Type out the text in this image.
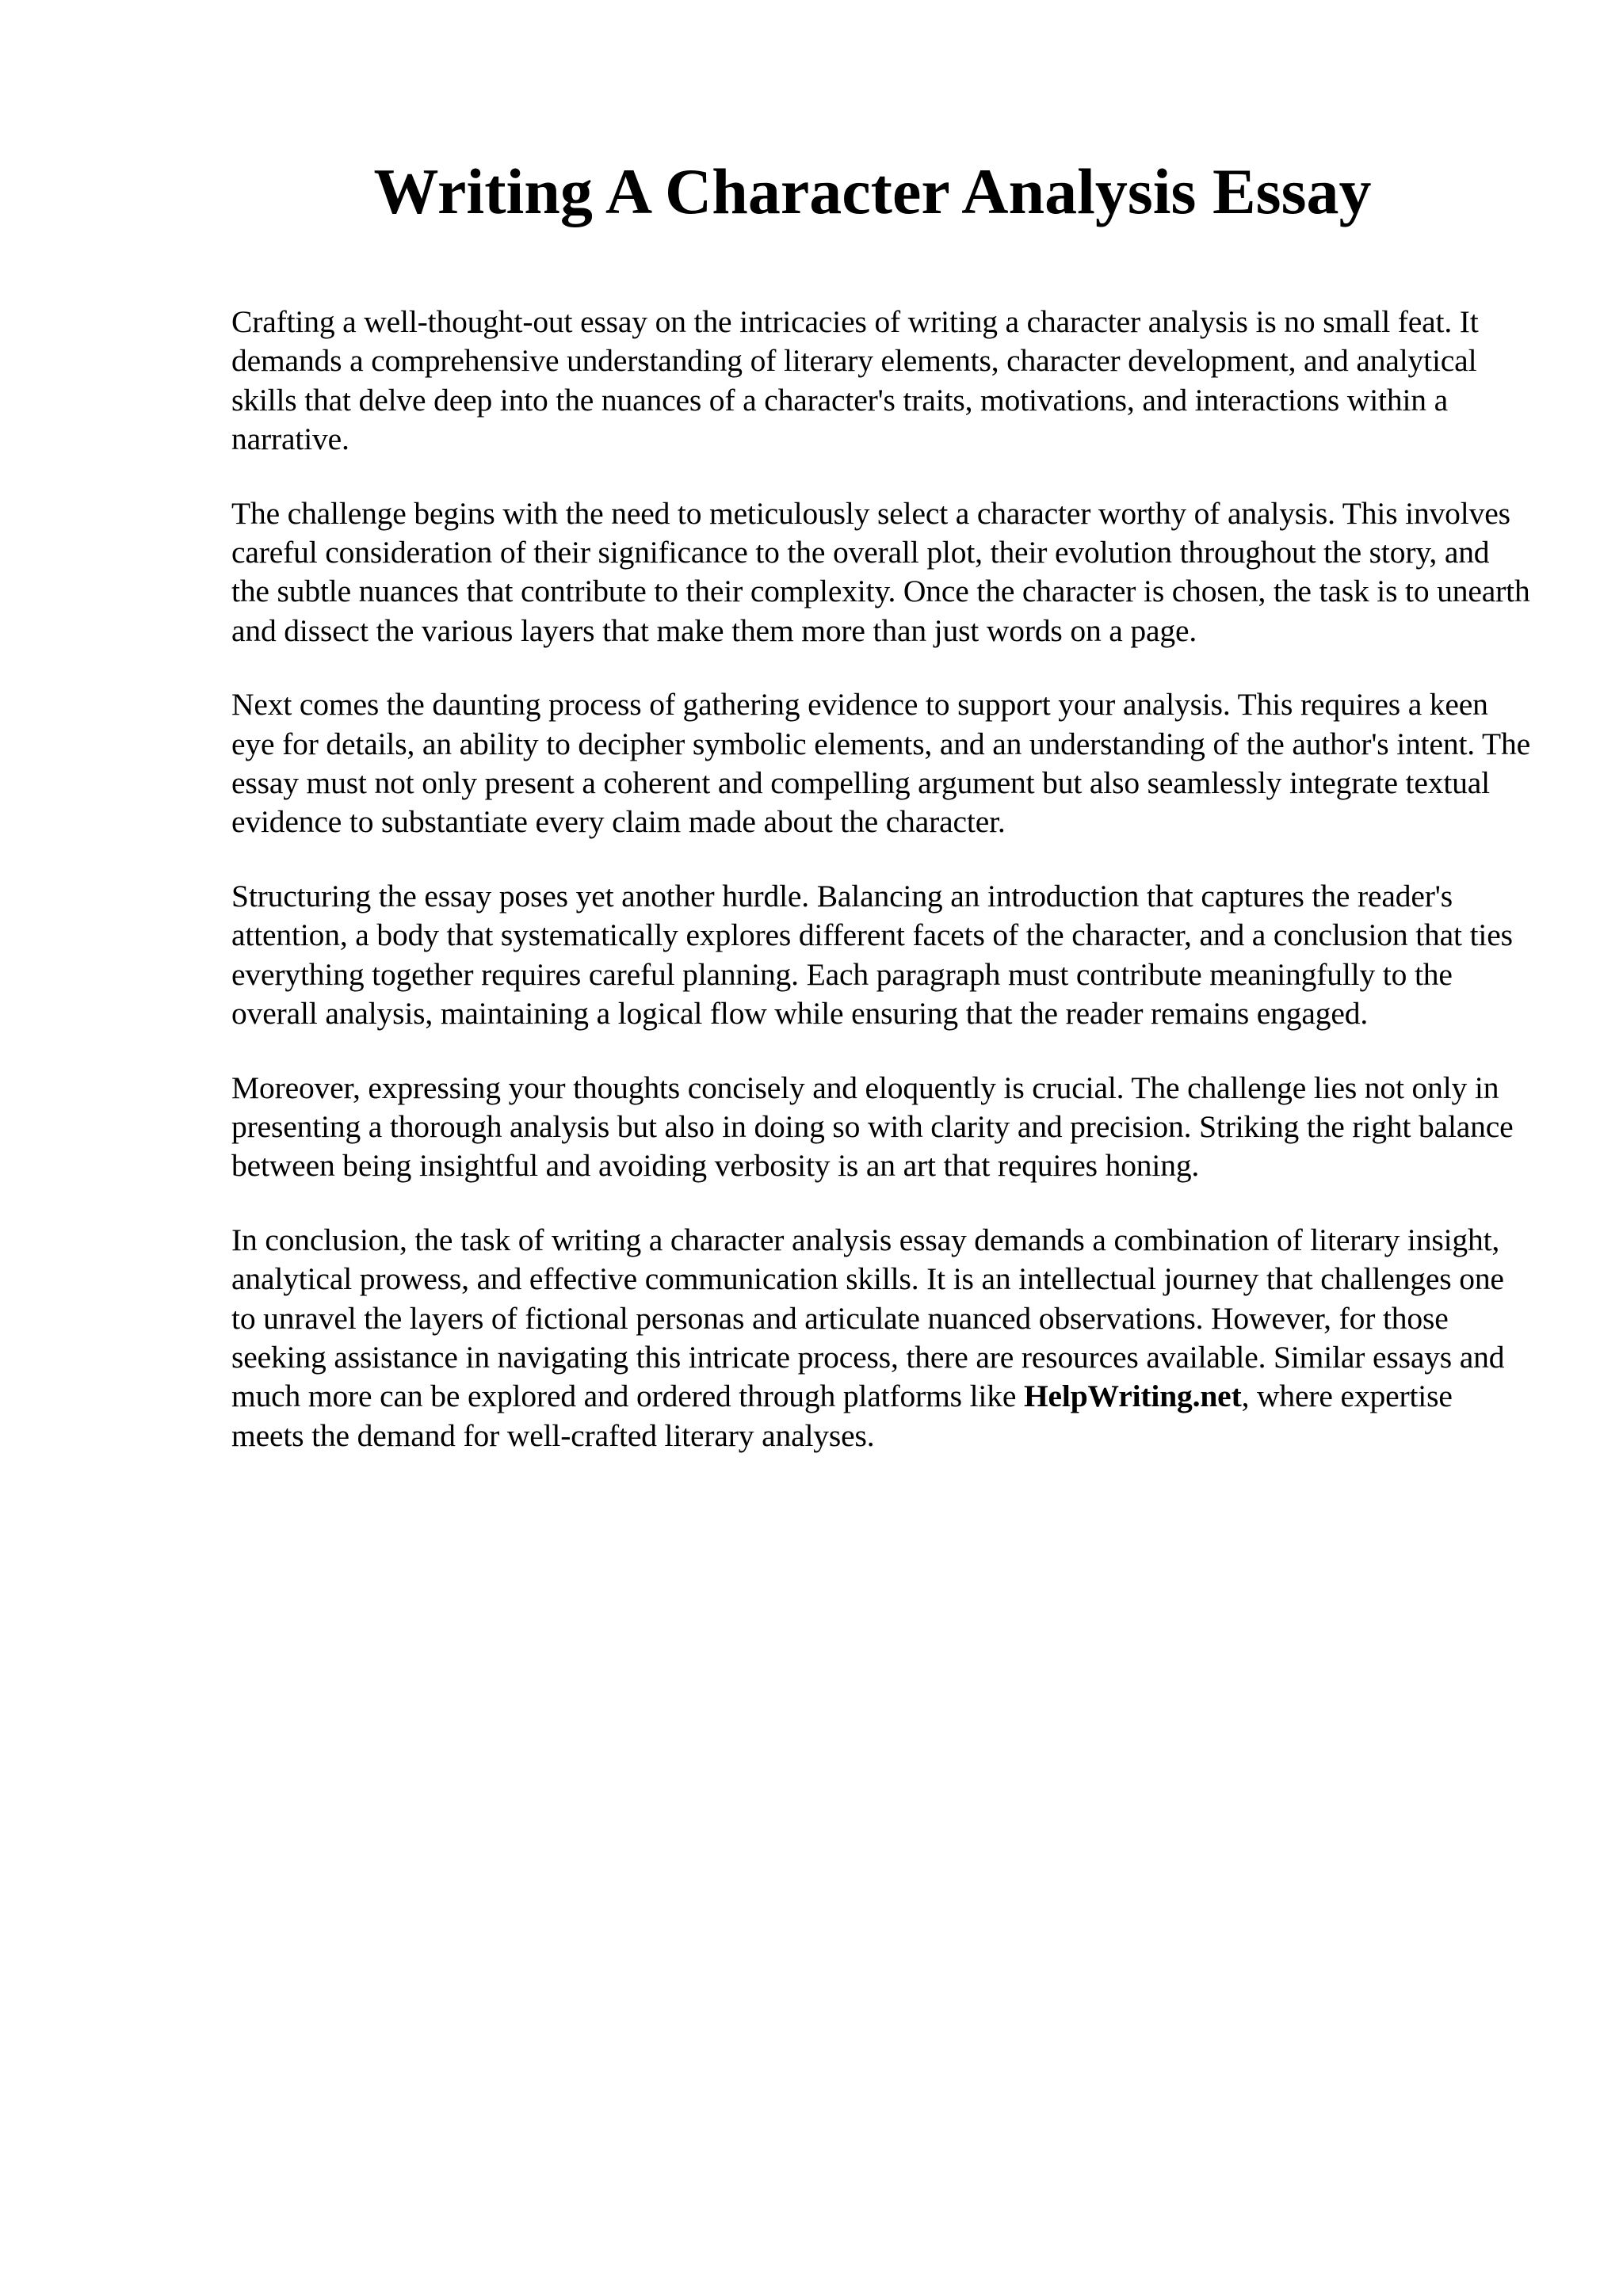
Writing A Character Analysis Essay

Crafting a well-thought-out essay on the intricacies of writing a character analysis is no small feat. It demands a comprehensive understanding of literary elements, character development, and analytical skills that delve deep into the nuances of a character's traits, motivations, and interactions within a narrative.

The challenge begins with the need to meticulously select a character worthy of analysis. This involves careful consideration of their significance to the overall plot, their evolution throughout the story, and the subtle nuances that contribute to their complexity. Once the character is chosen, the task is to unearth and dissect the various layers that make them more than just words on a page.

Next comes the daunting process of gathering evidence to support your analysis. This requires a keen eye for details, an ability to decipher symbolic elements, and an understanding of the author's intent. The essay must not only present a coherent and compelling argument but also seamlessly integrate textual evidence to substantiate every claim made about the character.

Structuring the essay poses yet another hurdle. Balancing an introduction that captures the reader's attention, a body that systematically explores different facets of the character, and a conclusion that ties everything together requires careful planning. Each paragraph must contribute meaningfully to the overall analysis, maintaining a logical flow while ensuring that the reader remains engaged.

Moreover, expressing your thoughts concisely and eloquently is crucial. The challenge lies not only in presenting a thorough analysis but also in doing so with clarity and precision. Striking the right balance between being insightful and avoiding verbosity is an art that requires honing.

In conclusion, the task of writing a character analysis essay demands a combination of literary insight, analytical prowess, and effective communication skills. It is an intellectual journey that challenges one to unravel the layers of fictional personas and articulate nuanced observations. However, for those seeking assistance in navigating this intricate process, there are resources available. Similar essays and much more can be explored and ordered through platforms like HelpWriting.net, where expertise meets the demand for well-crafted literary analyses.
